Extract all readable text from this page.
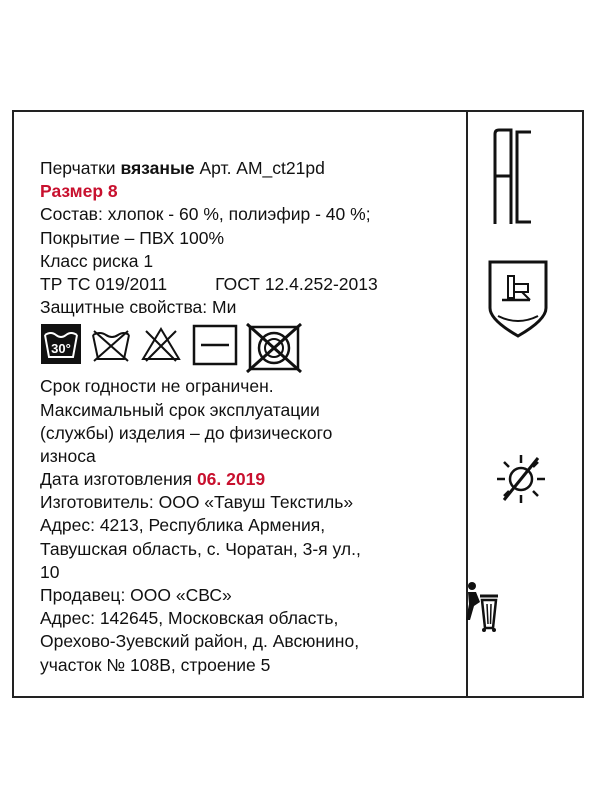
Перчатки вязаные Арт. AM_ct21pd
Размер 8
Состав: хлопок - 60 %, полиэфир - 40 %;
Покрытие – ПВХ 100%
Класс риска 1
ТР ТС 019/2011	ГОСТ 12.4.252-2013
Защитные свойства: Ми
30°
Срок годности не ограничен.
Максимальный срок эксплуатации
(службы) изделия – до физического
износа
Дата изготовления 06. 2019
Изготовитель: ООО «Тавуш Текстиль»
Адрес: 4213, Республика Армения,
Тавушская область, с. Чоратан, 3-я ул.,
10
Продавец: ООО «СВС»
Адрес: 142645, Московская область,
Орехово-Зуевский район, д. Авсюнино,
участок № 108В, строение 5
